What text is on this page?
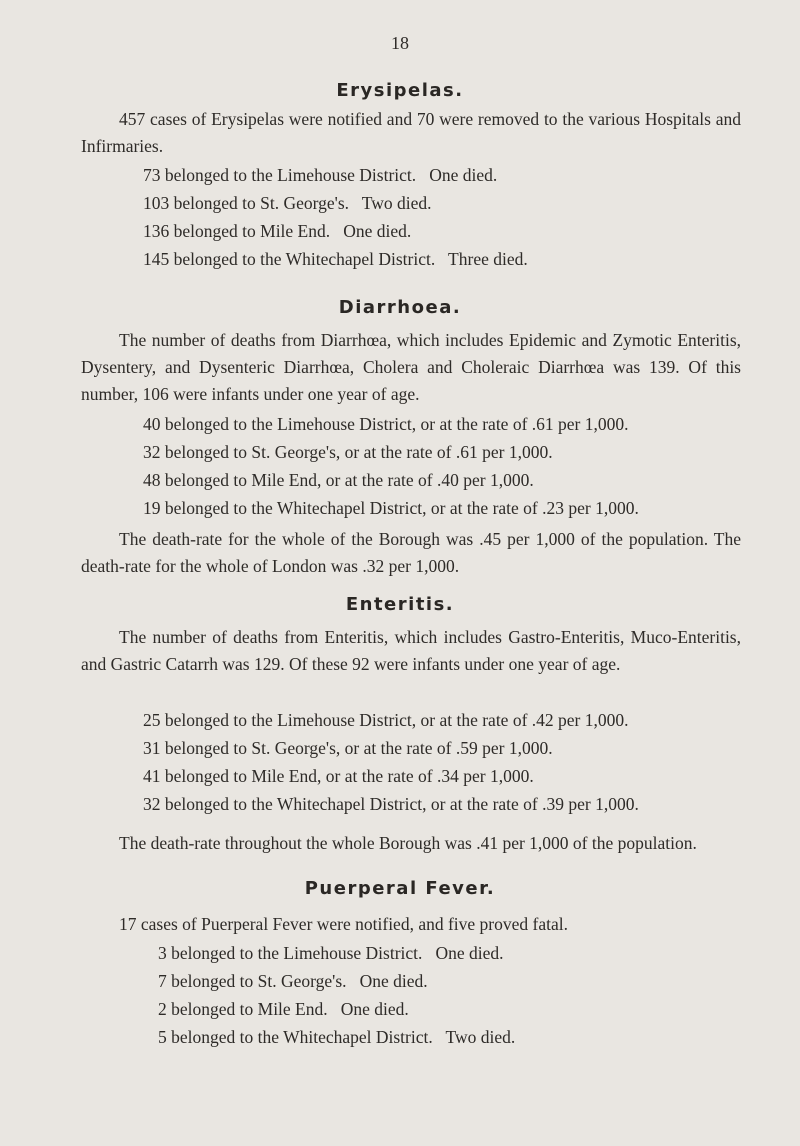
18
Erysipelas.
457 cases of Erysipelas were notified and 70 were removed to the various Hospitals and Infirmaries.
73 belonged to the Limehouse District.   One died.
103 belonged to St. George's.   Two died.
136 belonged to Mile End.   One died.
145 belonged to the Whitechapel District.   Three died.
Diarrhoea.
The number of deaths from Diarrhœa, which includes Epidemic and Zymotic Enteritis, Dysentery, and Dysenteric Diarrhœa, Cholera and Choleraic Diarrhœa was 139. Of this number, 106 were infants under one year of age.
40 belonged to the Limehouse District, or at the rate of .61 per 1,000.
32 belonged to St. George's, or at the rate of .61 per 1,000.
48 belonged to Mile End, or at the rate of .40 per 1,000.
19 belonged to the Whitechapel District, or at the rate of .23 per 1,000.
The death-rate for the whole of the Borough was .45 per 1,000 of the population. The death-rate for the whole of London was .32 per 1,000.
Enteritis.
The number of deaths from Enteritis, which includes Gastro-Enteritis, Muco-Enteritis, and Gastric Catarrh was 129. Of these 92 were infants under one year of age.
25 belonged to the Limehouse District, or at the rate of .42 per 1,000.
31 belonged to St. George's, or at the rate of .59 per 1,000.
41 belonged to Mile End, or at the rate of .34 per 1,000.
32 belonged to the Whitechapel District, or at the rate of .39 per 1,000.
The death-rate throughout the whole Borough was .41 per 1,000 of the population.
Puerperal Fever.
17 cases of Puerperal Fever were notified, and five proved fatal.
3 belonged to the Limehouse District.   One died.
7 belonged to St. George's.   One died.
2 belonged to Mile End.   One died.
5 belonged to the Whitechapel District.   Two died.
